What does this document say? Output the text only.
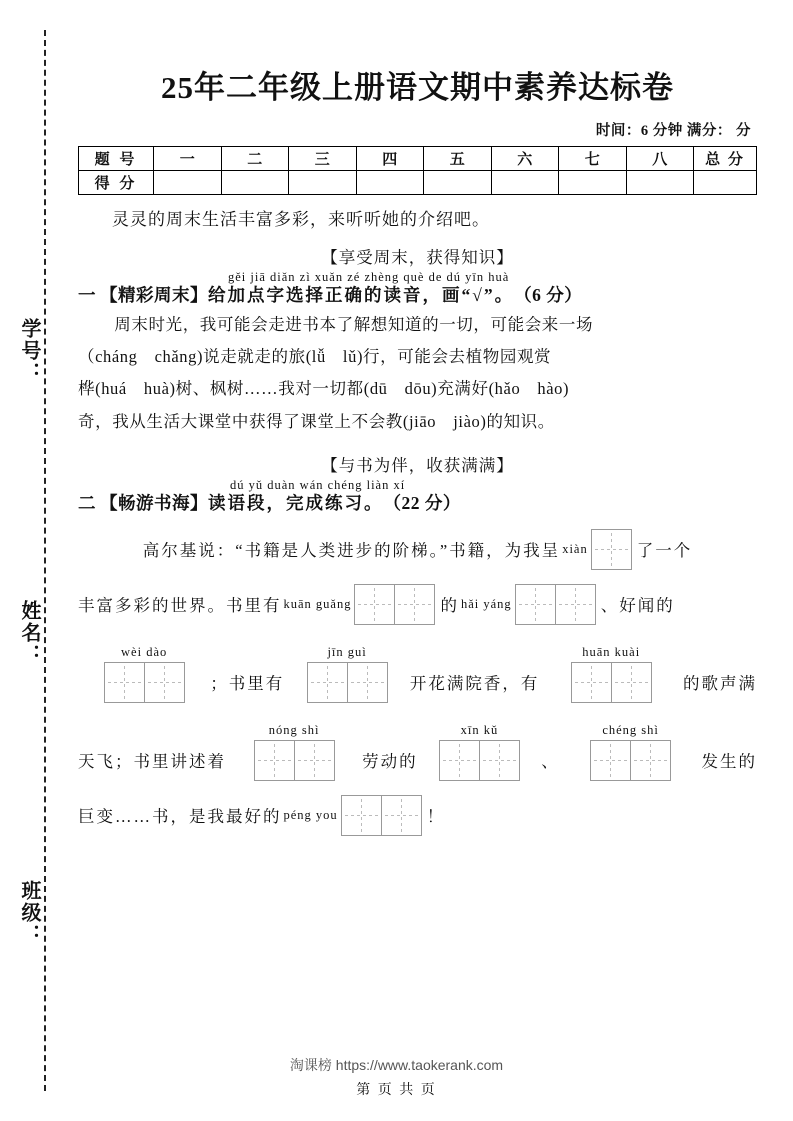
学号：
姓名：
班级：
25年二年级上册语文期中素养达标卷
时间：6 分钟 满分： 分
题 号	一	二	三	四	五	六	七	八	总 分
得 分									
灵灵的周末生活丰富多彩，来听听她的介绍吧。
【享受周末，获得知识】
gěi jiā diǎn zì xuǎn zé zhèng què de dú yīn huà
一 【精彩周末】 给加点字选择正确的读音，画“√”。 （6 分）
周末时光，我可能会走进书本了解想知道的一切，可能会来一场
（cháng　chǎng)说走就走的旅(lǚ　lǔ)行，可能会去植物园观赏
桦(huá　huà)树、枫树……我对一切都(dū　dōu)充满好(hǎo　hào)
奇，我从生活大课堂中获得了课堂上不会教(jiāo　jiào)的知识。
【与书为伴，收获满满】
dú yǔ duàn wán chéng liàn xí
二 【畅游书海】 读语段，完成练习。 （22 分）
高尔基说：“书籍是人类进步的阶梯。”书籍，为我呈 xiàn	了一个
丰富多彩的世界。书里有 kuān guǎng	的 hǎi yáng	、好闻的
wèi dào
；书里有
jīn guì
开花满院香，有
huān kuài
的歌声满
天飞；书里讲述着
nóng shì
劳动的
xīn kǔ
、
chéng shì
发生的
巨变……书，是我最好的 péng you	！
淘课榜 https://www.taokerank.com
第 页 共 页
